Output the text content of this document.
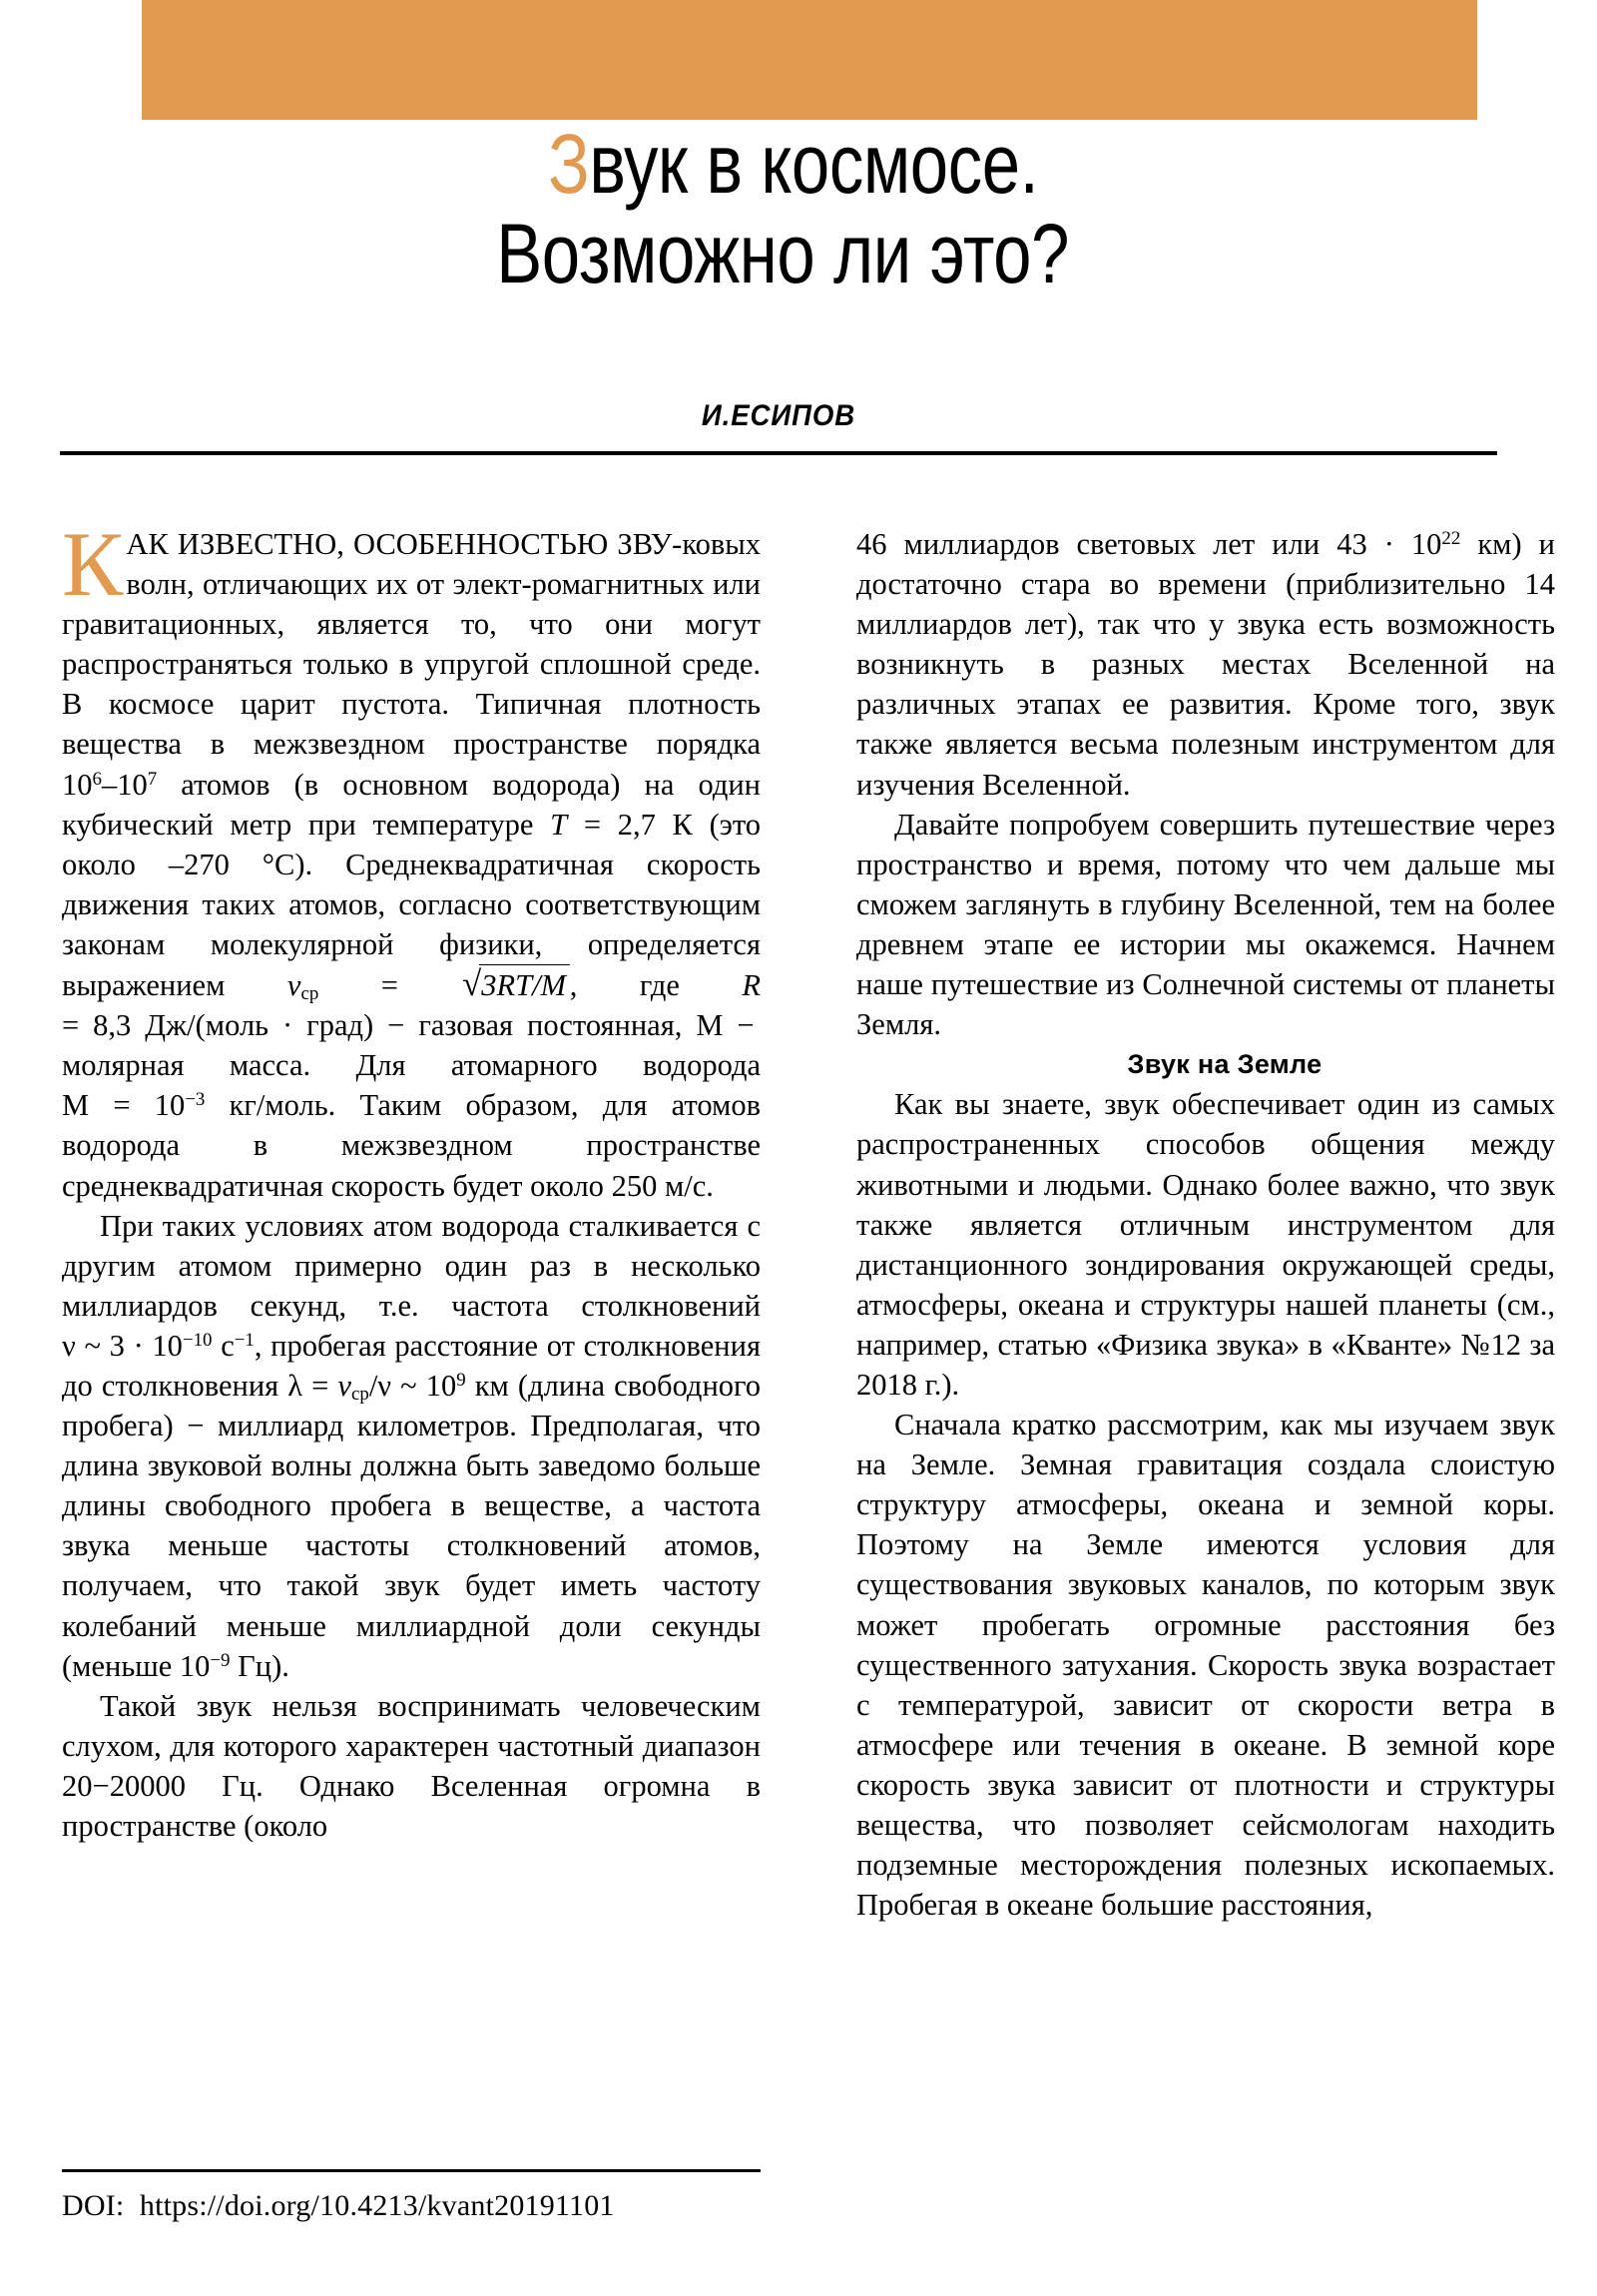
Звук в космосе.
Возможно ли это?
И.ЕСИПОВ

КАК ИЗВЕСТНО, ОСОБЕННОСТЬЮ ЗВУ-ковых волн, отличающих их от элект-ромагнитных или гравитационных, является то, что они могут распространяться только в упругой сплошной среде. В космосе царит пустота. Типичная плотность вещества в межзвездном пространстве порядка $10^6-10^7$ атомов (в основном водорода) на один кубический метр при температуре T = 2,7 К (это около –270 °C). Среднеквадратичная скорость движения таких атомов, согласно соответствующим законам молекулярной физики, определяется выражением $v_{ср} = √3RT/M$ , где R = 8,3 Дж/(моль · град) − газовая постоянная, М − молярная масса. Для атомарного водорода $М = 10^{-3}$ кг/моль. Таким образом, для атомов водорода в межзвездном пространстве среднеквадратичная скорость будет около 250 м/с.

При таких условиях атом водорода сталкивается с другим атомом примерно один раз в несколько миллиардов секунд, т.е. частота столкновений ν ~ $3 \cdot 10^{-10}$ $с^{-1}$, пробегая расстояние от столкновения до столкновения $\lambda = v_{ср}/\nu$ ~ $10^9$ км (длина свободного пробега) − миллиард километров. Предполагая, что длина звуковой волны должна быть заведомо больше длины свободного пробега в веществе, а частота звука меньше частоты столкновений атомов, получаем, что такой звук будет иметь частоту колебаний меньше миллиардной доли секунды (меньше $10^{-9}$ Гц).

Такой звук нельзя воспринимать человеческим слухом, для которого характерен частотный диапазон 20−20000 Гц. Однако Вселенная огромна в пространстве (около

46 миллиардов световых лет или $43 \cdot 10^{22}$ км) и достаточно стара во времени (приблизительно 14 миллиардов лет), так что у звука есть возможность возникнуть в разных местах Вселенной на различных этапах ее развития. Кроме того, звук также является весьма полезным инструментом для изучения Вселенной.

Давайте попробуем совершить путешествие через пространство и время, потому что чем дальше мы сможем заглянуть в глубину Вселенной, тем на более древнем этапе ее истории мы окажемся. Начнем наше путешествие из Солнечной системы от планеты Земля.

Звук на Земле

Как вы знаете, звук обеспечивает один из самых распространенных способов общения между животными и людьми. Однако более важно, что звук также является отличным инструментом для дистанционного зондирования окружающей среды, атмосферы, океана и структуры нашей планеты (см., например, статью «Физика звука» в «Кванте» №12 за 2018 г.).

Сначала кратко рассмотрим, как мы изучаем звук на Земле. Земная гравитация создала слоистую структуру атмосферы, океана и земной коры. Поэтому на Земле имеются условия для существования звуковых каналов, по которым звук может пробегать огромные расстояния без существенного затухания. Скорость звука возрастает с температурой, зависит от скорости ветра в атмосфере или течения в океане. В земной коре скорость звука зависит от плотности и структуры вещества, что позволяет сейсмологам находить подземные месторождения полезных ископаемых. Пробегая в океане большие расстояния,

DOI: https://doi.org/10.4213/kvant20191101
